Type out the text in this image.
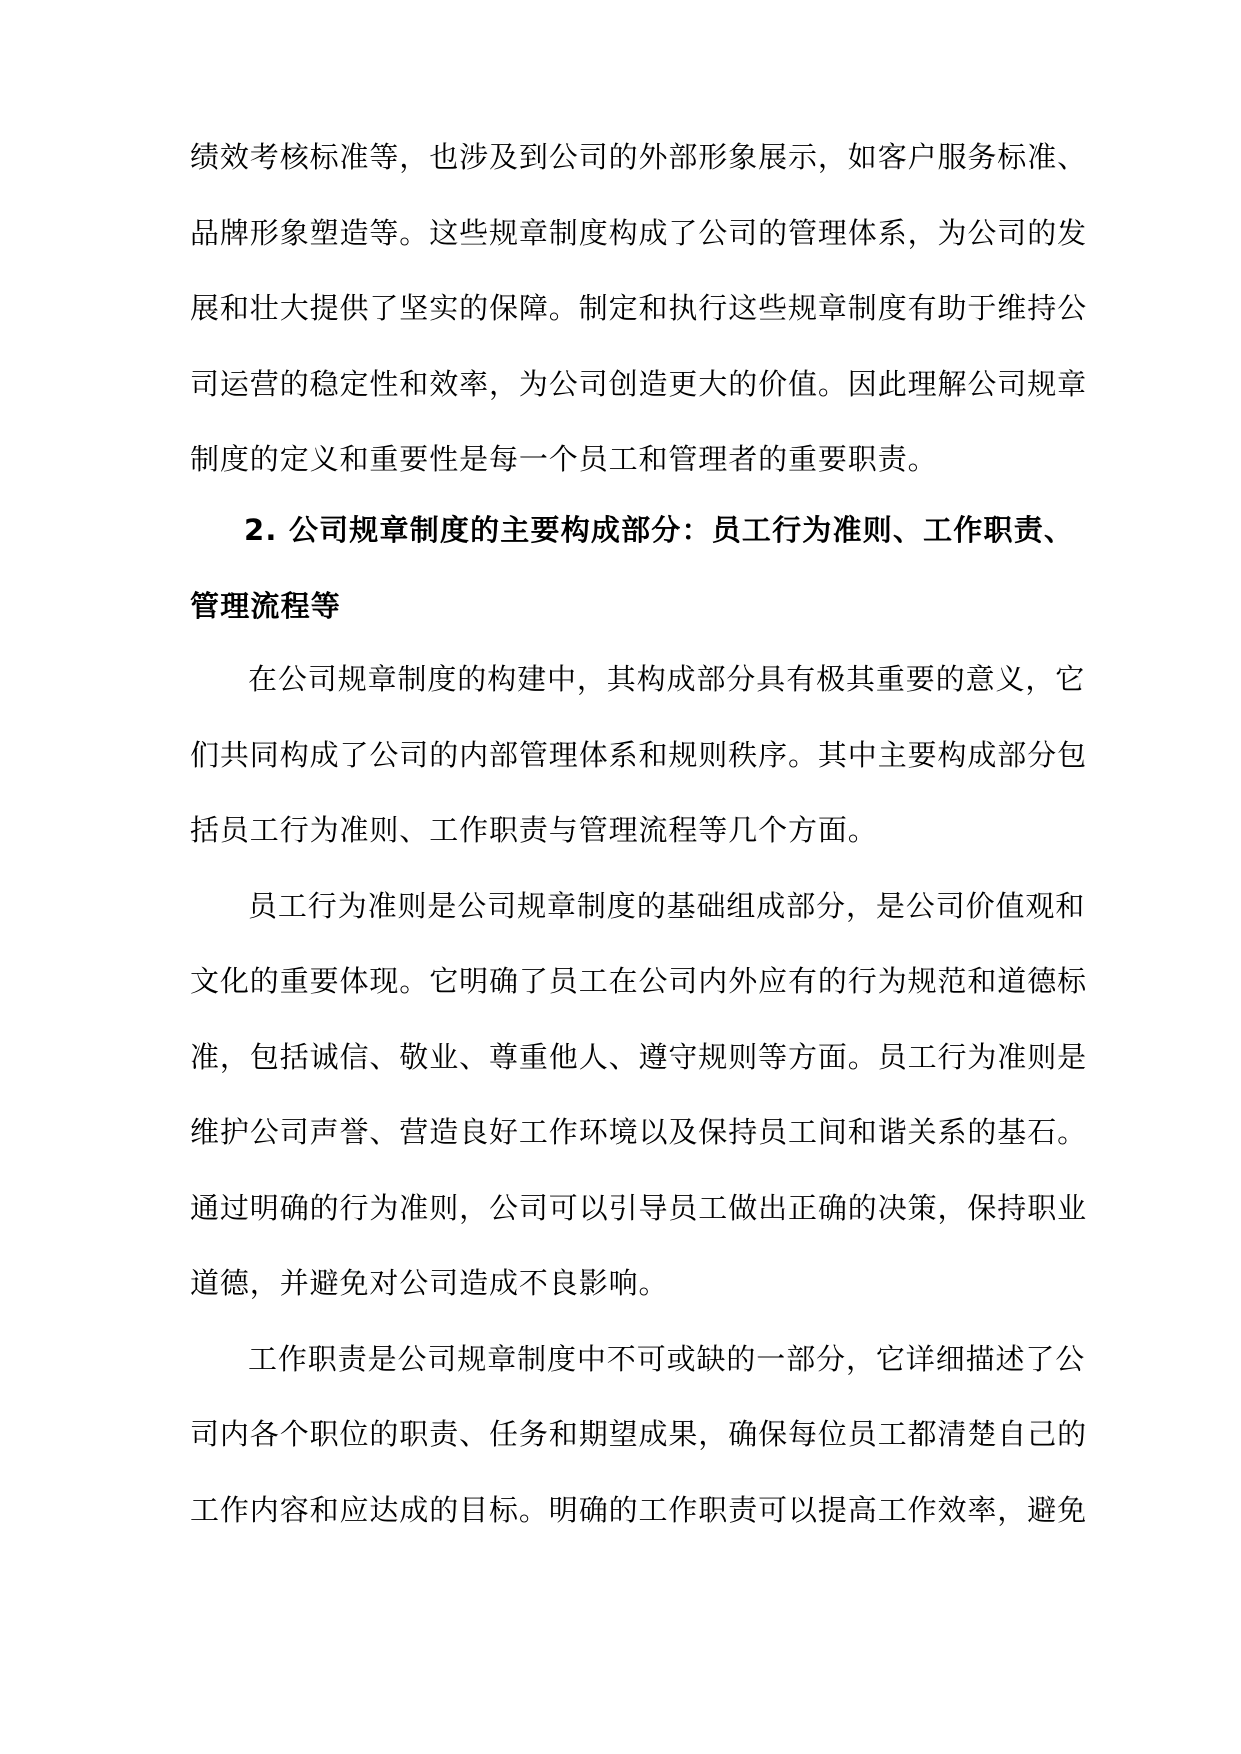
绩效考核标准等，也涉及到公司的外部形象展示，如客户服务标准、
品牌形象塑造等。这些规章制度构成了公司的管理体系，为公司的发
展和壮大提供了坚实的保障。制定和执行这些规章制度有助于维持公
司运营的稳定性和效率，为公司创造更大的价值。因此理解公司规章
制度的定义和重要性是每一个员工和管理者的重要职责。
2. 公司规章制度的主要构成部分：员工行为准则、工作职责、
管理流程等
在公司规章制度的构建中，其构成部分具有极其重要的意义，它
们共同构成了公司的内部管理体系和规则秩序。其中主要构成部分包
括员工行为准则、工作职责与管理流程等几个方面。
员工行为准则是公司规章制度的基础组成部分，是公司价值观和
文化的重要体现。它明确了员工在公司内外应有的行为规范和道德标
准，包括诚信、敬业、尊重他人、遵守规则等方面。员工行为准则是
维护公司声誉、营造良好工作环境以及保持员工间和谐关系的基石。
通过明确的行为准则，公司可以引导员工做出正确的决策，保持职业
道德，并避免对公司造成不良影响。
工作职责是公司规章制度中不可或缺的一部分，它详细描述了公
司内各个职位的职责、任务和期望成果，确保每位员工都清楚自己的
工作内容和应达成的目标。明确的工作职责可以提高工作效率，避免
